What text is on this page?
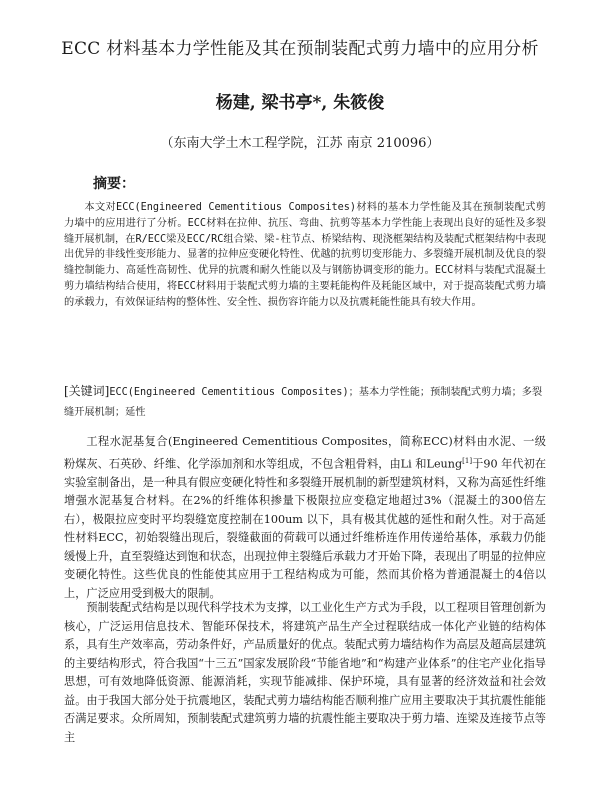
ECC 材料基本力学性能及其在预制装配式剪力墙中的应用分析
杨建, 梁书亭*, 朱筱俊
（东南大学土木工程学院，江苏 南京 210096）
摘要：

本文对ECC(Engineered Cementitious Composites)材料的基本力学性能及其在预制装配式剪力墙中的应用进行了分析。ECC材料在拉伸、抗压、弯曲、抗剪等基本力学性能上表现出良好的延性及多裂缝开展机制，在R/ECC梁及ECC/RC组合梁、梁-柱节点、桥梁结构、现浇框架结构及装配式框架结构中表现出优异的非线性变形能力、显著的拉伸应变硬化特性、优越的抗剪切变形能力、多裂缝开展机制及优良的裂缝控制能力、高延性高韧性、优异的抗震和耐久性能以及与钢筋协调变形的能力。ECC材料与装配式混凝土剪力墙结构结合使用，将ECC材料用于装配式剪力墙的主要耗能构件及耗能区域中，对于提高装配式剪力墙的承载力，有效保证结构的整体性、安全性、损伤容许能力以及抗震耗能性能具有较大作用。

[关键词]ECC(Engineered Cementitious Composites)；基本力学性能；预制装配式剪力墙；多裂缝开展机制；延性

工程水泥基复合(Engineered Cementitious Composites，简称ECC)材料由水泥、一级粉煤灰、石英砂、纤维、化学添加剂和水等组成，不包含粗骨料，由Li 和Leung[1]于90 年代初在实验室制备出，是一种具有假应变硬化特性和多裂缝开展机制的新型建筑材料，又称为高延性纤维增强水泥基复合材料。在2%的纤维体积掺量下极限拉应变稳定地超过3%（混凝土的300倍左右），极限拉应变时平均裂缝宽度控制在100um 以下，具有极其优越的延性和耐久性。对于高延性材料ECC，初始裂缝出现后，裂缝截面的荷载可以通过纤维桥连作用传递给基体，承载力仍能缓慢上升，直至裂缝达到饱和状态，出现拉伸主裂缝后承载力才开始下降，表现出了明显的拉伸应变硬化特性。这些优良的性能使其应用于工程结构成为可能，然而其价格为普通混凝土的4倍以上，广泛应用受到极大的限制。

预制装配式结构是以现代科学技术为支撑，以工业化生产方式为手段，以工程项目管理创新为核心，广泛运用信息技术、智能环保技术，将建筑产品生产全过程联结成一体化产业链的结构体系，具有生产效率高，劳动条件好，产品质量好的优点。装配式剪力墙结构作为高层及超高层建筑的主要结构形式，符合我国“十三五”国家发展阶段“节能省地”和“构建产业体系”的住宅产业化指导思想，可有效地降低资源、能源消耗，实现节能减排、保护环境，具有显著的经济效益和社会效益。由于我国大部分处于抗震地区，装配式剪力墙结构能否顺利推广应用主要取决于其抗震性能能否满足要求。众所周知，预制装配式建筑剪力墙的抗震性能主要取决于剪力墙、连梁及连接节点等主
